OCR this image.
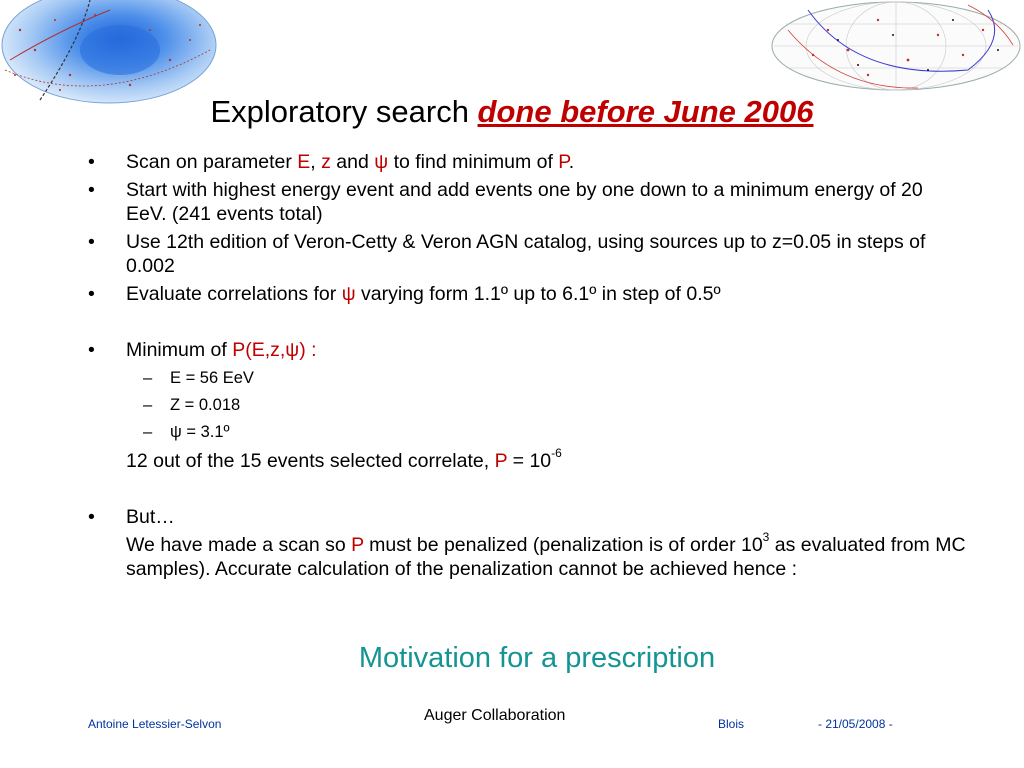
Exploratory search done before June 2006
• Scan on parameter E, z and ψ to find minimum of P.
• Start with highest energy event and add events one by one down to a minimum energy of 20 EeV. (241 events total)
• Use 12th edition of Veron-Cetty & Veron AGN catalog, using sources up to z=0.05 in steps of 0.002
• Evaluate correlations for ψ varying form 1.1º up to 6.1º in step of 0.5º
• Minimum of P(E,z,ψ) :
– E = 56 EeV
– Z = 0.018
– ψ = 3.1º
12 out of the 15 events selected correlate, $P = 10^{-6}$
• But…
We have made a scan so P must be penalized (penalization is of order $10^3$ as evaluated from MC samples). Accurate calculation of the penalization cannot be achieved hence :
Motivation for a prescription
Antoine Letessier-Selvon	Auger Collaboration	Blois	- 21/05/2008 -
